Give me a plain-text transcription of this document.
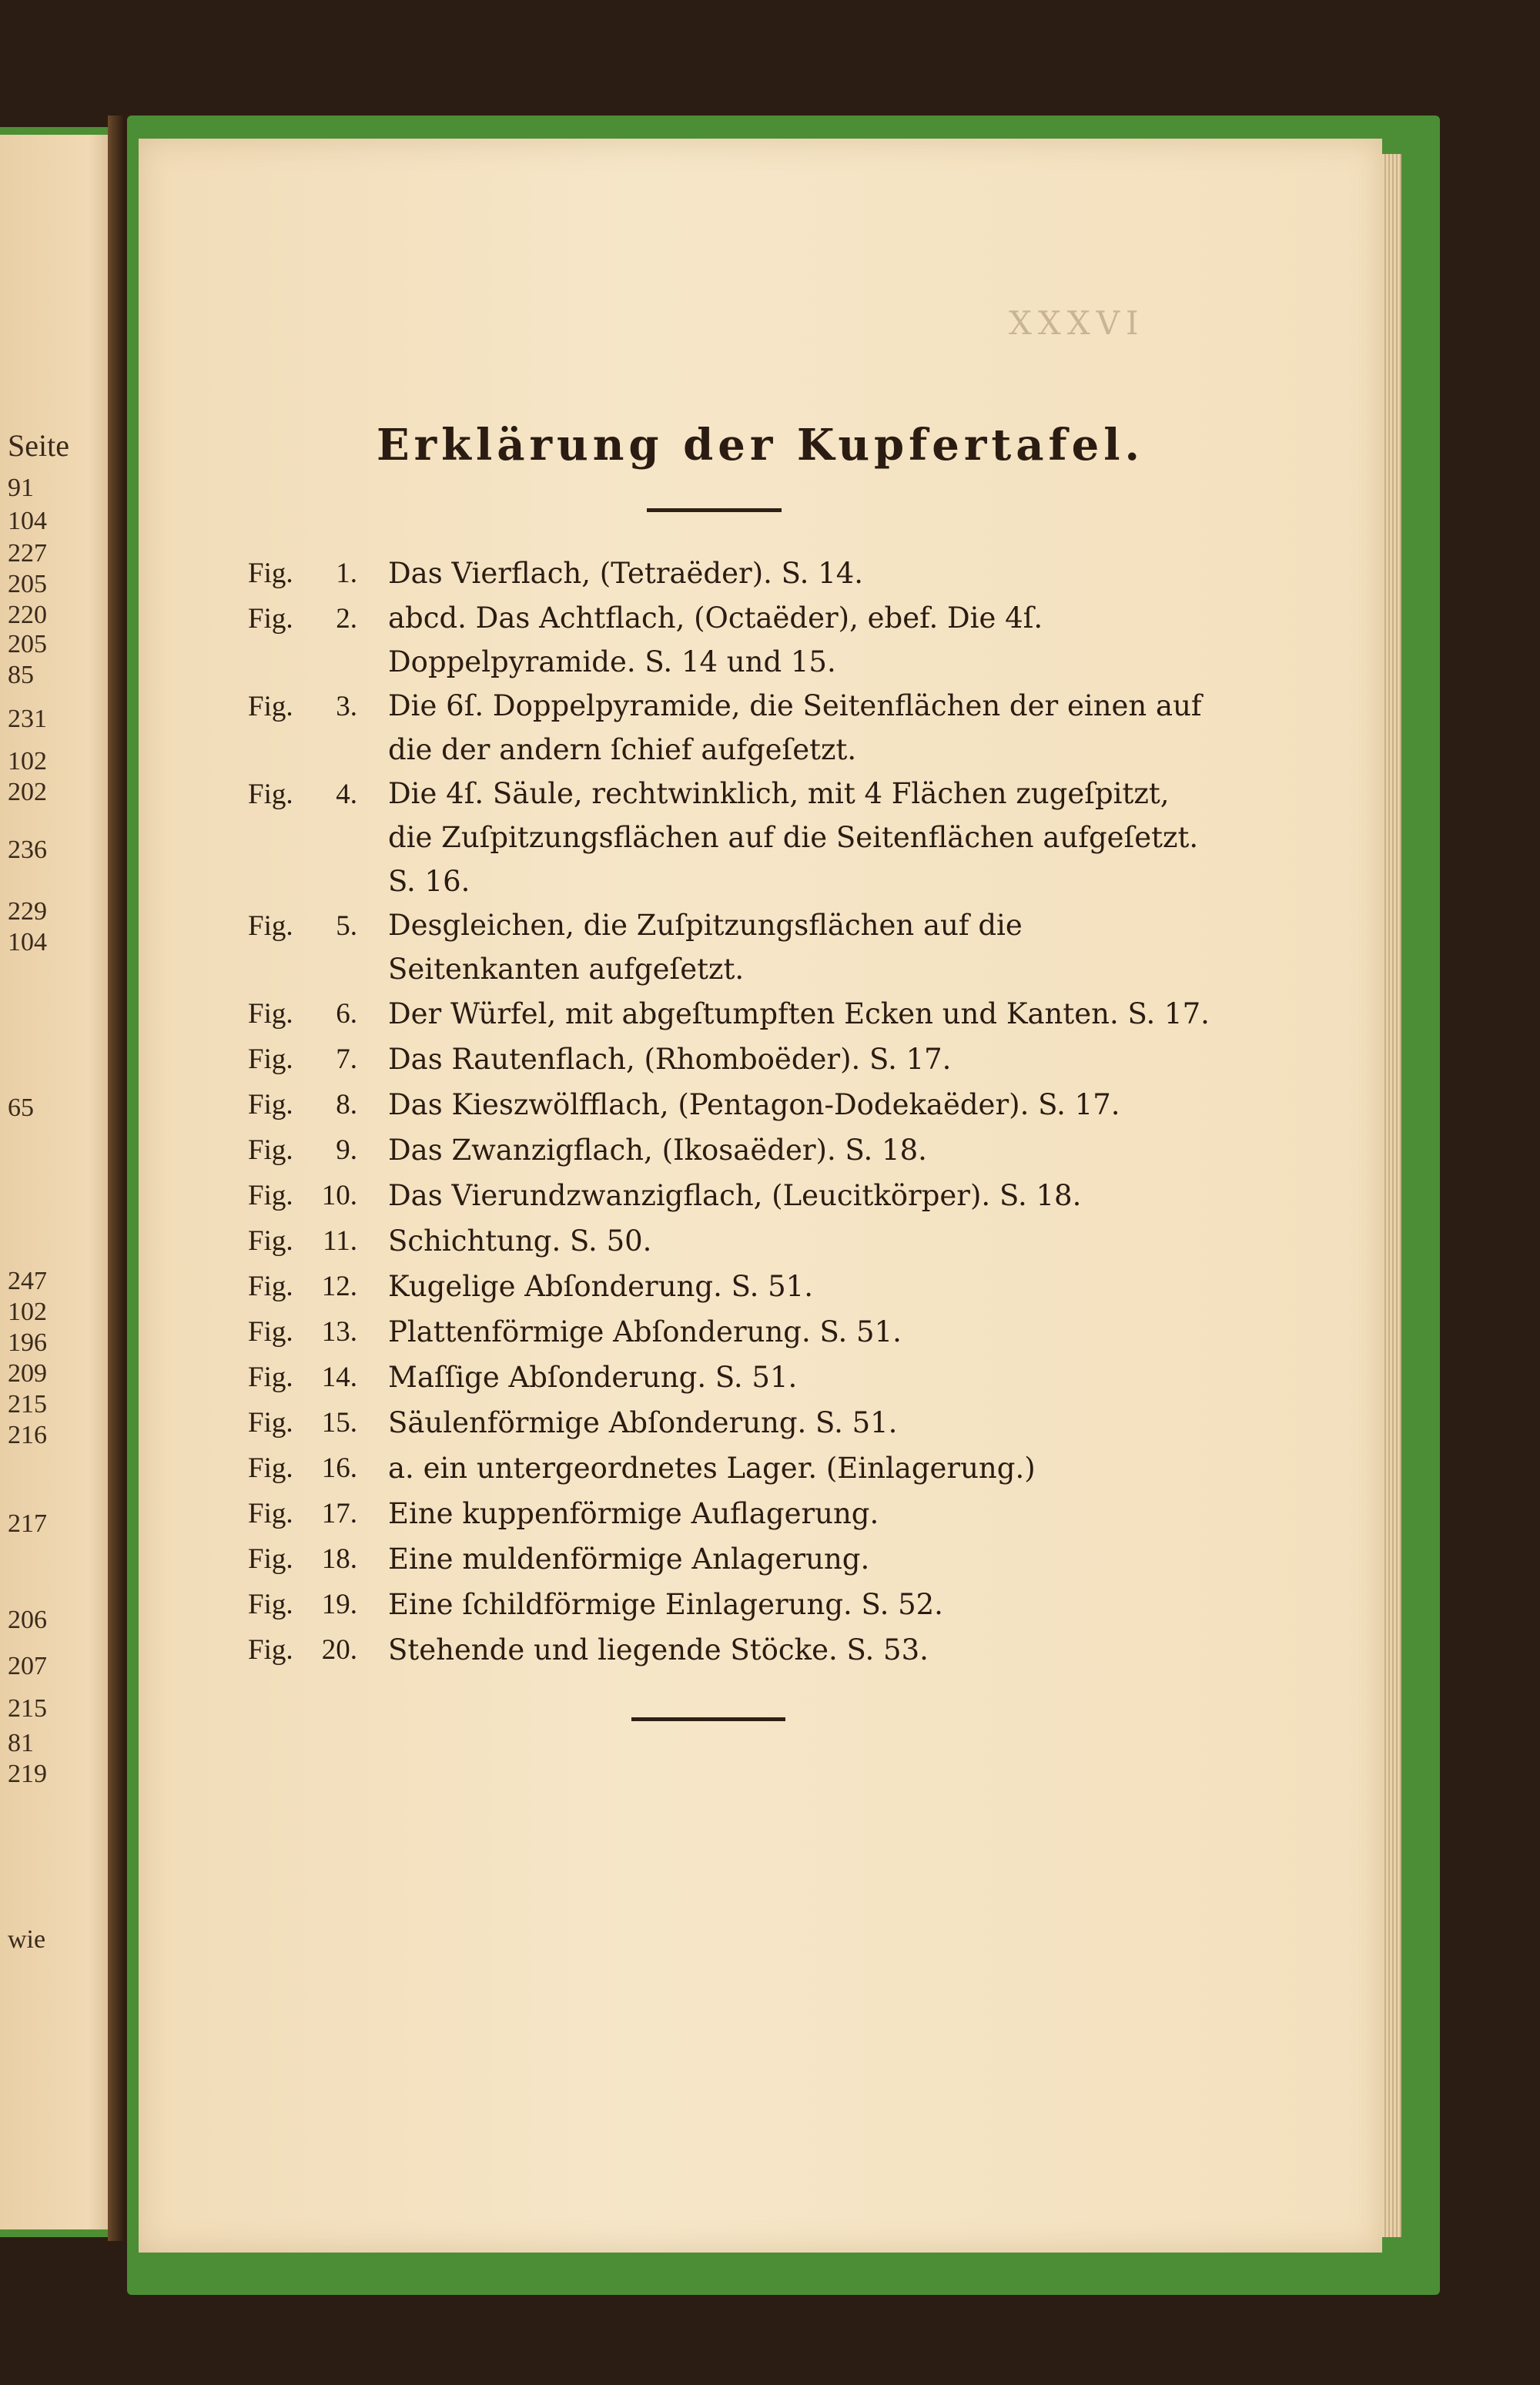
Seite
91
104
227
205
220
205
85
231
102
202
236
229
104
65
247
102
196
209
215
216
217
206
207
215
81
219
wie
XXXVI
Erklärung der Kupfertafel.
Fig.	1. Das Vierflach, (Tetraëder). S. 14.
Fig.	2. abcd. Das Achtflach, (Octaëder), ebef. Die 4ſ. Doppelpyramide. S. 14 und 15.
Fig.	3. Die 6ſ. Doppelpyramide, die Seitenflächen der einen auf die der andern ſchief aufgeſetzt.
Fig.	4. Die 4ſ. Säule, rechtwinklich, mit 4 Flächen zugeſpitzt, die Zuſpitzungsflächen auf die Seitenflächen aufgeſetzt. S. 16.
Fig.	5. Desgleichen, die Zuſpitzungsflächen auf die Seitenkanten aufgeſetzt.
Fig.	6. Der Würfel, mit abgeſtumpften Ecken und Kanten. S. 17.
Fig.	7. Das Rautenflach, (Rhomboëder). S. 17.
Fig.	8. Das Kieszwölfflach, (Pentagon-Dodekaëder). S. 17.
Fig.	9. Das Zwanzigflach, (Ikosaëder). S. 18.
Fig.	10. Das Vierundzwanzigflach, (Leucitkörper). S. 18.
Fig.	11. Schichtung. S. 50.
Fig.	12. Kugelige Abſonderung. S. 51.
Fig.	13. Plattenförmige Abſonderung. S. 51.
Fig.	14. Maſſige Abſonderung. S. 51.
Fig.	15. Säulenförmige Abſonderung. S. 51.
Fig.	16. a. ein untergeordnetes Lager. (Einlagerung.)
Fig.	17. Eine kuppenförmige Auflagerung.
Fig.	18. Eine muldenförmige Anlagerung.
Fig.	19. Eine ſchildförmige Einlagerung. S. 52.
Fig.	20. Stehende und liegende Stöcke. S. 53.
